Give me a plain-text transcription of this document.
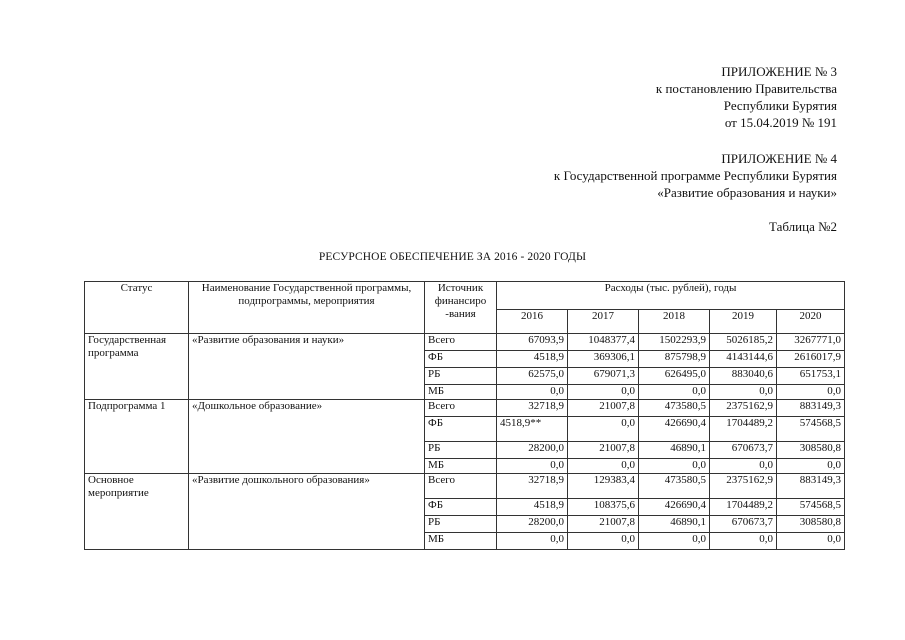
ПРИЛОЖЕНИЕ № 3
к постановлению Правительства
Республики Бурятия
от 15.04.2019 № 191
ПРИЛОЖЕНИЕ № 4
к Государственной программе Республики Бурятия
«Развитие образования и науки»
Таблица №2
РЕСУРСНОЕ ОБЕСПЕЧЕНИЕ ЗА 2016 - 2020 ГОДЫ
Статус	Наименование Государственной программы, подпрограммы, мероприятия	Источник финансиро -вания	Расходы (тыс. рублей), годы				
			2016	2017	2018	2019	2020
Государственная программа	«Развитие образования и науки»	Всего	67093,9	1048377,4	1502293,9	5026185,2	3267771,0
		ФБ	4518,9	369306,1	875798,9	4143144,6	2616017,9
		РБ	62575,0	679071,3	626495,0	883040,6	651753,1
		МБ	0,0	0,0	0,0	0,0	0,0
Подпрограмма 1	«Дошкольное образование»	Всего	32718,9	21007,8	473580,5	2375162,9	883149,3
		ФБ	4518,9**	0,0	426690,4	1704489,2	574568,5
		РБ	28200,0	21007,8	46890,1	670673,7	308580,8
		МБ	0,0	0,0	0,0	0,0	0,0
Основное мероприятие	«Развитие дошкольного образования»	Всего	32718,9	129383,4	473580,5	2375162,9	883149,3
		ФБ	4518,9	108375,6	426690,4	1704489,2	574568,5
		РБ	28200,0	21007,8	46890,1	670673,7	308580,8
		МБ	0,0	0,0	0,0	0,0	0,0
